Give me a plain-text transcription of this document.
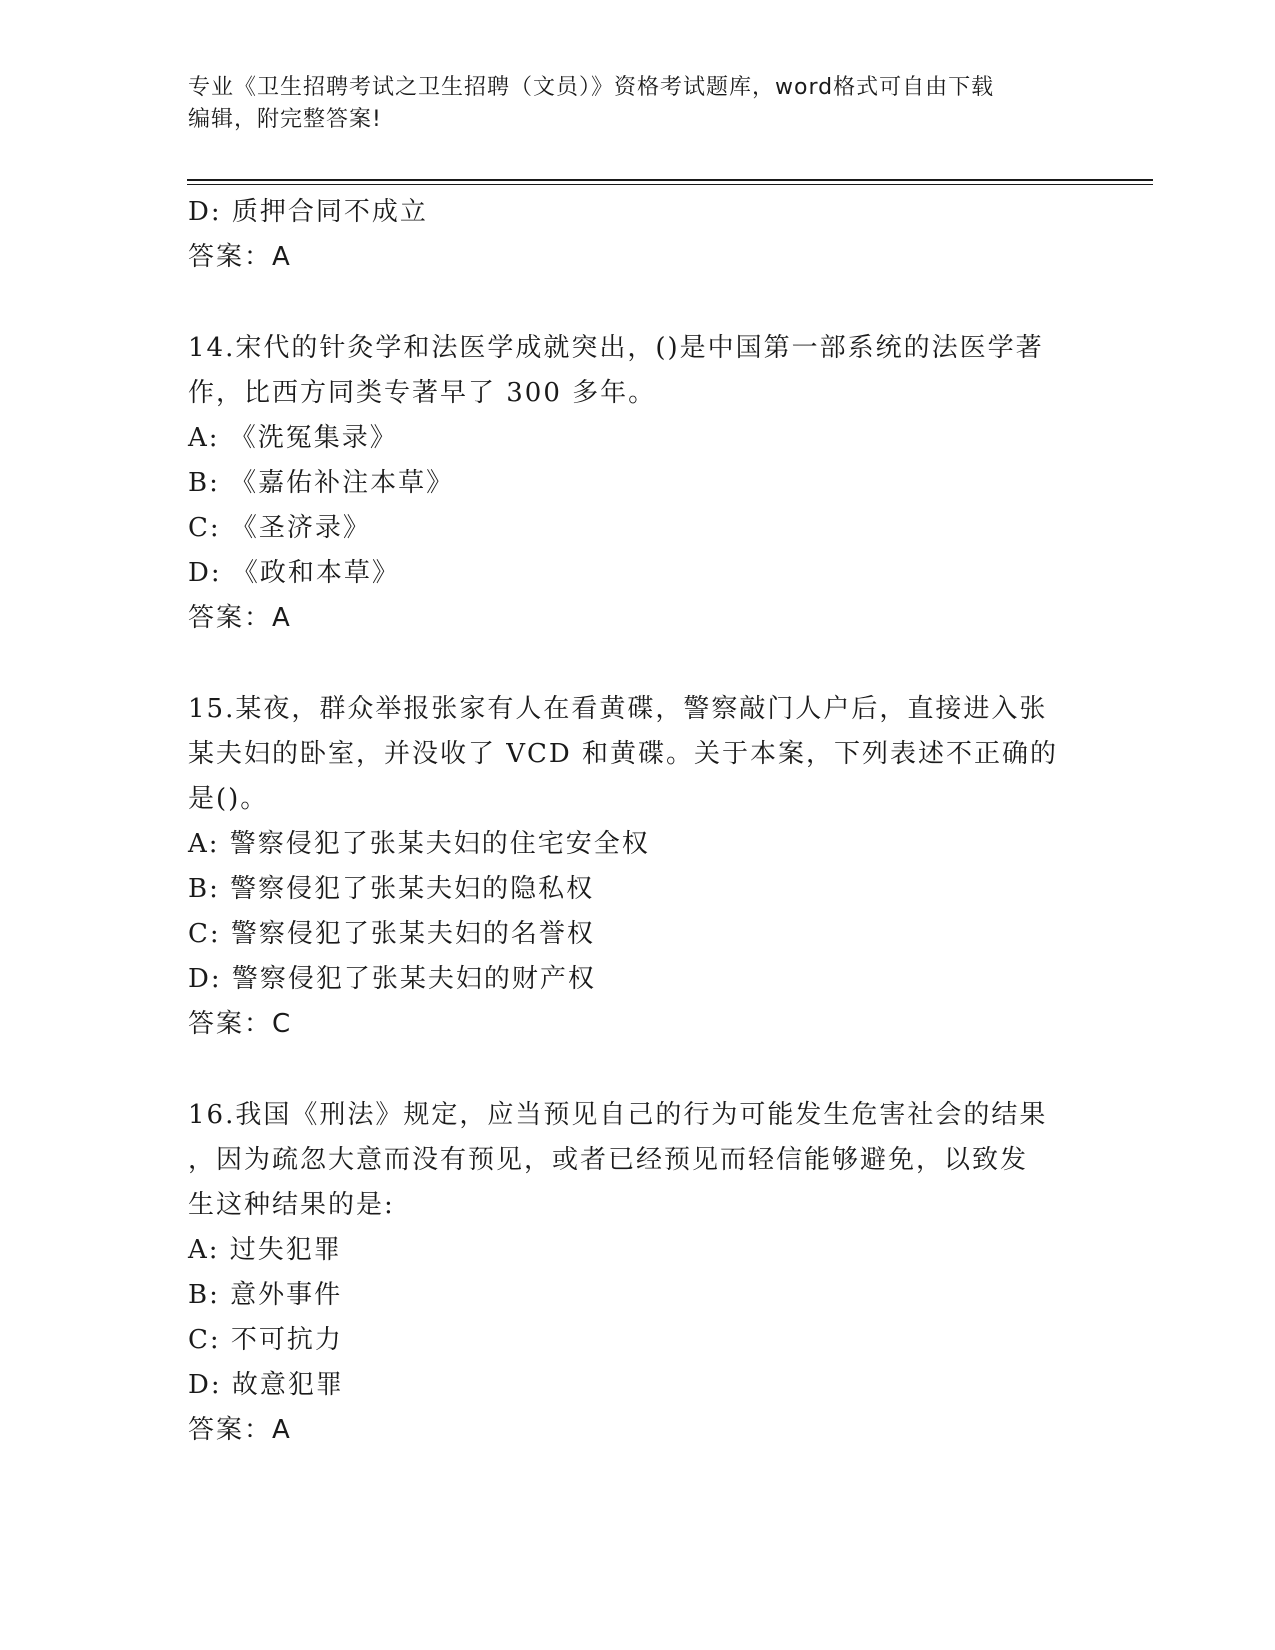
专业《卫生招聘考试之卫生招聘（文员）》资格考试题库，word格式可自由下载
编辑，附完整答案!
D: 质押合同不成立
答案：A
14.宋代的针灸学和法医学成就突出，()是中国第一部系统的法医学著
作，比西方同类专著早了 300 多年。
A: 《洗冤集录》
B: 《嘉佑补注本草》
C: 《圣济录》
D: 《政和本草》
答案：A
15.某夜，群众举报张家有人在看黄碟，警察敲门人户后，直接进入张
某夫妇的卧室，并没收了 VCD 和黄碟。关于本案，下列表述不正确的
是()。
A: 警察侵犯了张某夫妇的住宅安全权
B: 警察侵犯了张某夫妇的隐私权
C: 警察侵犯了张某夫妇的名誉权
D: 警察侵犯了张某夫妇的财产权
答案：C
16.我国《刑法》规定，应当预见自己的行为可能发生危害社会的结果
，因为疏忽大意而没有预见，或者已经预见而轻信能够避免，以致发
生这种结果的是:
A: 过失犯罪
B: 意外事件
C: 不可抗力
D: 故意犯罪
答案：A
